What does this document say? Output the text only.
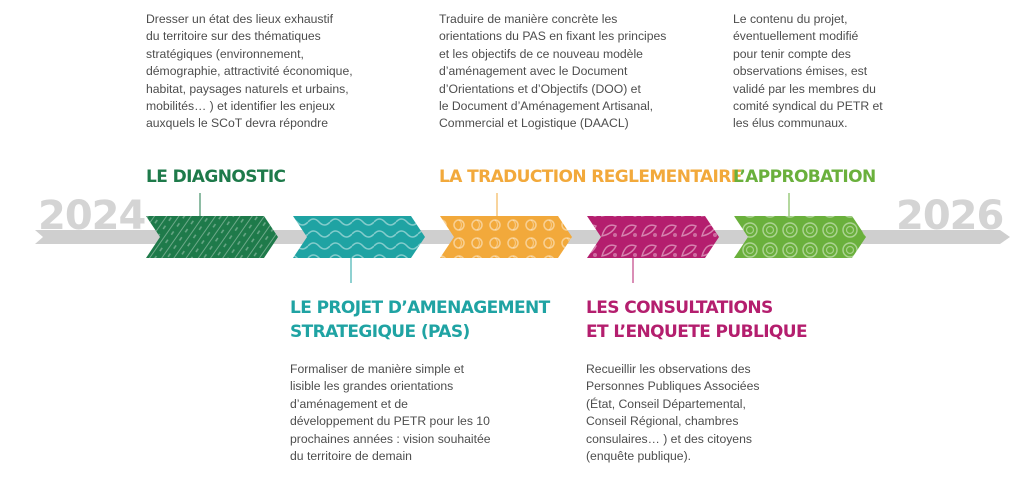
2024	2026
Dresser un état des lieux exhaustif
du territoire sur des thématiques
stratégiques (environnement,
démographie, attractivité économique,
habitat, paysages naturels et urbains,
mobilités… ) et identifier les enjeux
auxquels le SCoT devra répondre
LE DIAGNOSTIC
LE PROJET D’AMENAGEMENT
STRATEGIQUE (PAS)
Formaliser de manière simple et
lisible les grandes orientations
d’aménagement et de
développement du PETR pour les 10
prochaines années : vision souhaitée
du territoire de demain
Traduire de manière concrète les
orientations du PAS en fixant les principes
et les objectifs de ce nouveau modèle
d’aménagement avec le Document
d’Orientations et d’Objectifs (DOO) et
le Document d’Aménagement Artisanal,
Commercial et Logistique (DAACL)
LA TRADUCTION REGLEMENTAIRE
LES CONSULTATIONS
ET L’ENQUETE PUBLIQUE
Recueillir les observations des
Personnes Publiques Associées
(État, Conseil Départemental,
Conseil Régional, chambres
consulaires… ) et des citoyens
(enquête publique).
Le contenu du projet,
éventuellement modifié
pour tenir compte des
observations émises, est
validé par les membres du
comité syndical du PETR et
les élus communaux.
L’APPROBATION
